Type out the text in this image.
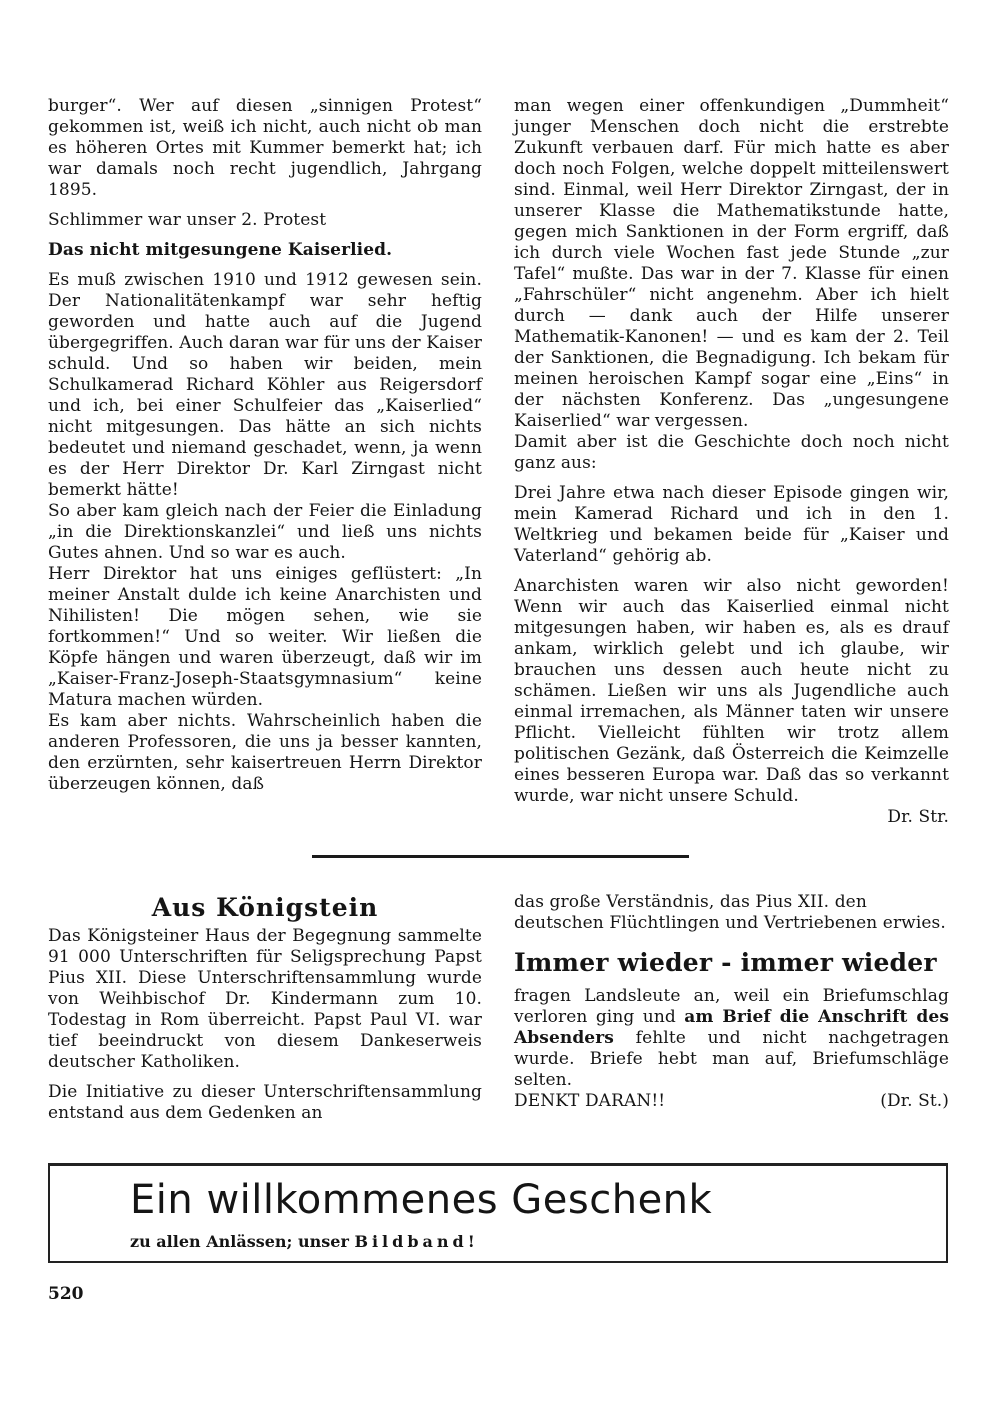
burger“. Wer auf diesen „sinnigen Protest“ gekommen ist, weiß ich nicht, auch nicht ob man es höheren Ortes mit Kummer bemerkt hat; ich war damals noch recht jugendlich, Jahrgang 1895.

Schlimmer war unser 2. Protest

Das nicht mitgesungene Kaiserlied.

Es muß zwischen 1910 und 1912 gewesen sein. Der Nationalitätenkampf war sehr heftig geworden und hatte auch auf die Jugend übergegriffen. Auch daran war für uns der Kaiser schuld. Und so haben wir beiden, mein Schulkamerad Richard Köhler aus Reigersdorf und ich, bei einer Schulfeier das „Kaiserlied“ nicht mitgesungen. Das hätte an sich nichts bedeutet und niemand geschadet, wenn, ja wenn es der Herr Direktor Dr. Karl Zirngast nicht bemerkt hätte!

So aber kam gleich nach der Feier die Einladung „in die Direktionskanzlei“ und ließ uns nichts Gutes ahnen. Und so war es auch.

Herr Direktor hat uns einiges geflüstert: „In meiner Anstalt dulde ich keine Anarchisten und Nihilisten! Die mögen sehen, wie sie fortkommen!“ Und so weiter. Wir ließen die Köpfe hängen und waren überzeugt, daß wir im „Kaiser-Franz-Joseph-Staatsgymnasium“ keine Matura machen würden.

Es kam aber nichts. Wahrscheinlich haben die anderen Professoren, die uns ja besser kannten, den erzürnten, sehr kaisertreuen Herrn Direktor überzeugen können, daß

man wegen einer offenkundigen „Dummheit“ junger Menschen doch nicht die erstrebte Zukunft verbauen darf. Für mich hatte es aber doch noch Folgen, welche doppelt mitteilenswert sind. Einmal, weil Herr Direktor Zirngast, der in unserer Klasse die Mathematikstunde hatte, gegen mich Sanktionen in der Form ergriff, daß ich durch viele Wochen fast jede Stunde „zur Tafel“ mußte. Das war in der 7. Klasse für einen „Fahrschüler“ nicht angenehm. Aber ich hielt durch — dank auch der Hilfe unserer Mathematik-Kanonen! — und es kam der 2. Teil der Sanktionen, die Begnadigung. Ich bekam für meinen heroischen Kampf sogar eine „Eins“ in der nächsten Konferenz. Das „ungesungene Kaiserlied“ war vergessen.

Damit aber ist die Geschichte doch noch nicht ganz aus:

Drei Jahre etwa nach dieser Episode gingen wir, mein Kamerad Richard und ich in den 1. Weltkrieg und bekamen beide für „Kaiser und Vaterland“ gehörig ab.

Anarchisten waren wir also nicht geworden! Wenn wir auch das Kaiserlied einmal nicht mitgesungen haben, wir haben es, als es drauf ankam, wirklich gelebt und ich glaube, wir brauchen uns dessen auch heute nicht zu schämen. Ließen wir uns als Jugendliche auch einmal irremachen, als Männer taten wir unsere Pflicht. Vielleicht fühlten wir trotz allem politischen Gezänk, daß Österreich die Keimzelle eines besseren Europa war. Daß das so verkannt wurde, war nicht unsere Schuld.

Dr. Str.

Aus Königstein

Das Königsteiner Haus der Begegnung sammelte 91 000 Unterschriften für Seligsprechung Papst Pius XII. Diese Unterschriftensammlung wurde von Weihbischof Dr. Kindermann zum 10. Todestag in Rom überreicht. Papst Paul VI. war tief beeindruckt von diesem Dankeserweis deutscher Katholiken.

Die Initiative zu dieser Unterschriftensammlung entstand aus dem Gedenken an

das große Verständnis, das Pius XII. den deutschen Flüchtlingen und Vertriebenen erwies.

Immer wieder - immer wieder

fragen Landsleute an, weil ein Briefumschlag verloren ging und am Brief die Anschrift des Absenders fehlte und nicht nachgetragen wurde. Briefe hebt man auf, Briefumschläge selten.

DENKT DARAN!!	(Dr. St.)
Ein willkommenes Geschenk
zu allen Anlässen; unser Bildband!
520
